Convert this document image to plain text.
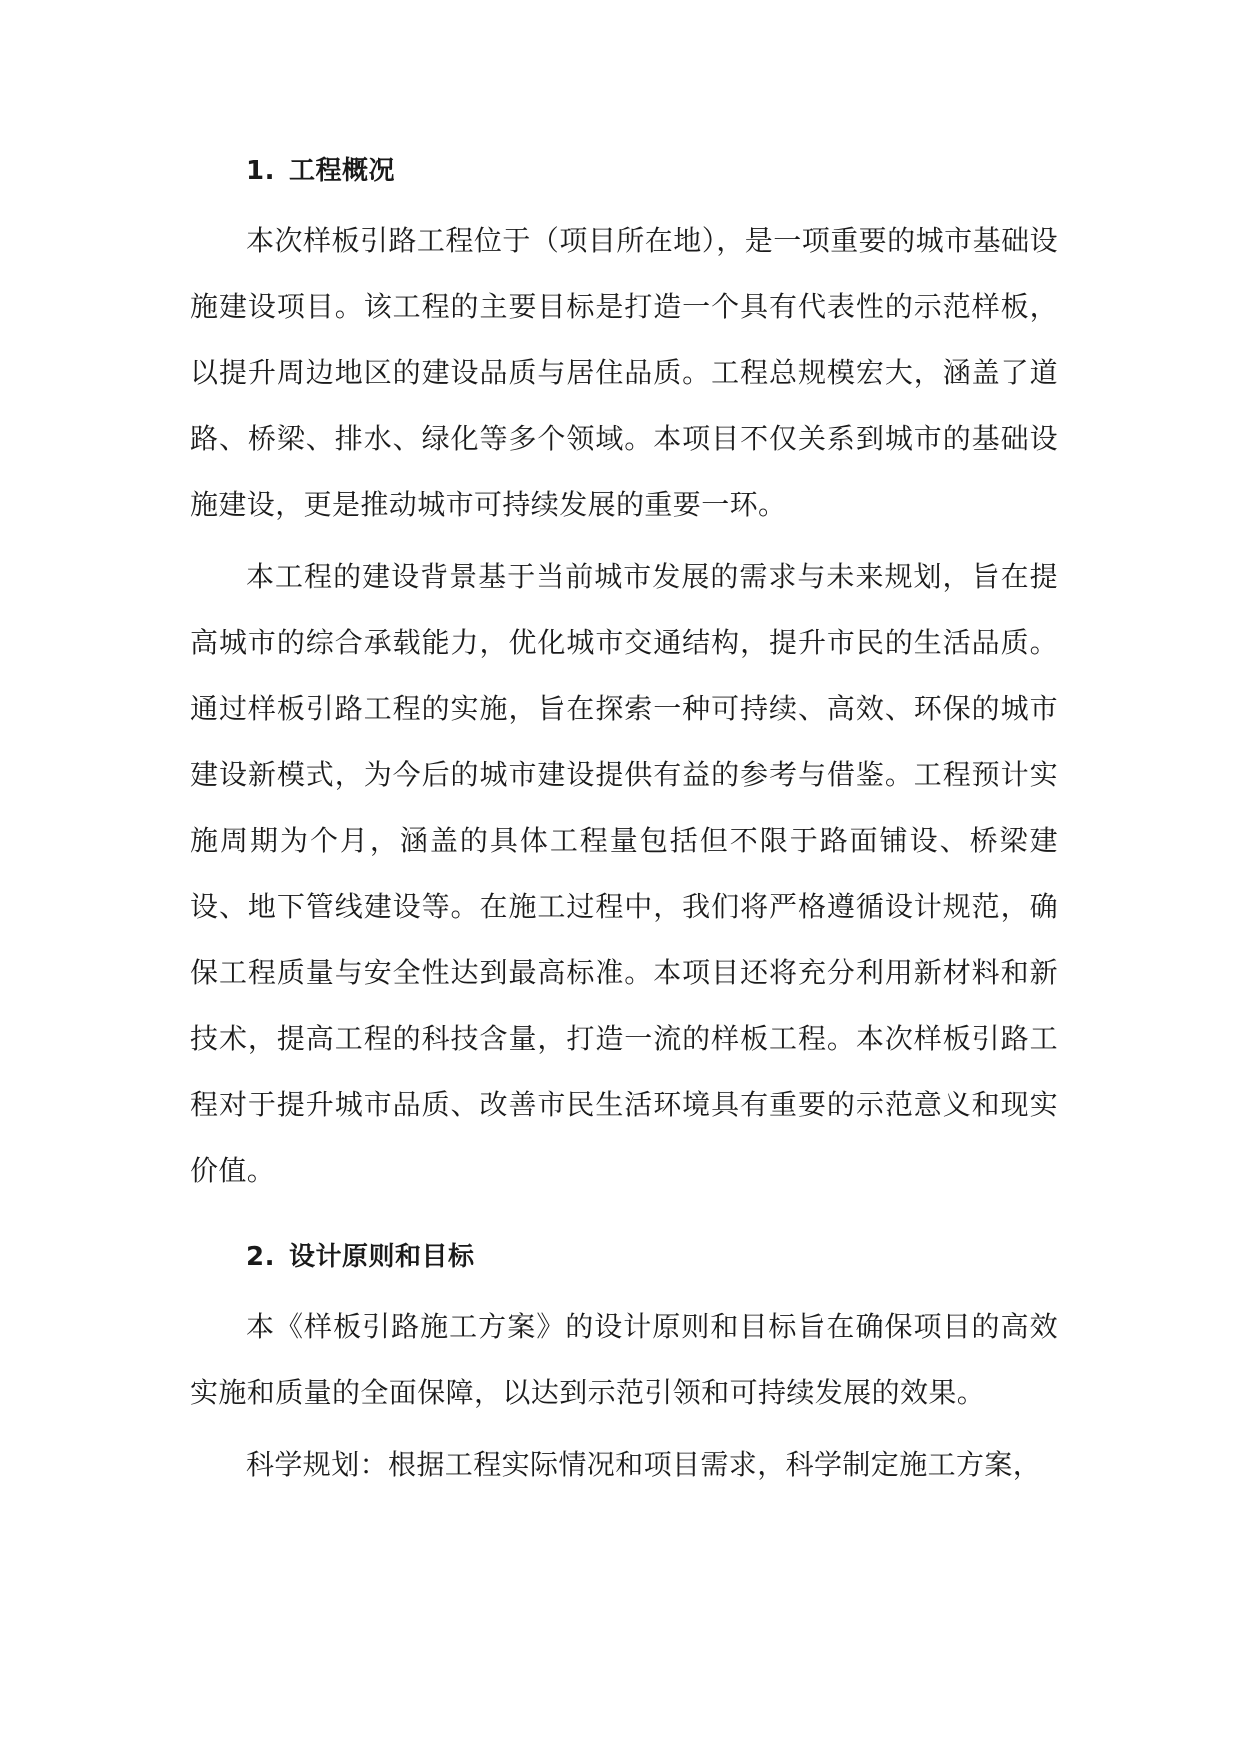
1. 工程概况

本次样板引路工程位于（项目所在地），是一项重要的城市基础设施建设项目。该工程的主要目标是打造一个具有代表性的示范样板，以提升周边地区的建设品质与居住品质。工程总规模宏大，涵盖了道路、桥梁、排水、绿化等多个领域。本项目不仅关系到城市的基础设施建设，更是推动城市可持续发展的重要一环。

本工程的建设背景基于当前城市发展的需求与未来规划，旨在提高城市的综合承载能力，优化城市交通结构，提升市民的生活品质。通过样板引路工程的实施，旨在探索一种可持续、高效、环保的城市建设新模式，为今后的城市建设提供有益的参考与借鉴。工程预计实施周期为个月，涵盖的具体工程量包括但不限于路面铺设、桥梁建设、地下管线建设等。在施工过程中，我们将严格遵循设计规范，确保工程质量与安全性达到最高标准。本项目还将充分利用新材料和新技术，提高工程的科技含量，打造一流的样板工程。本次样板引路工程对于提升城市品质、改善市民生活环境具有重要的示范意义和现实价值。

2. 设计原则和目标

本《样板引路施工方案》的设计原则和目标旨在确保项目的高效实施和质量的全面保障，以达到示范引领和可持续发展的效果。

科学规划：根据工程实际情况和项目需求，科学制定施工方案，
